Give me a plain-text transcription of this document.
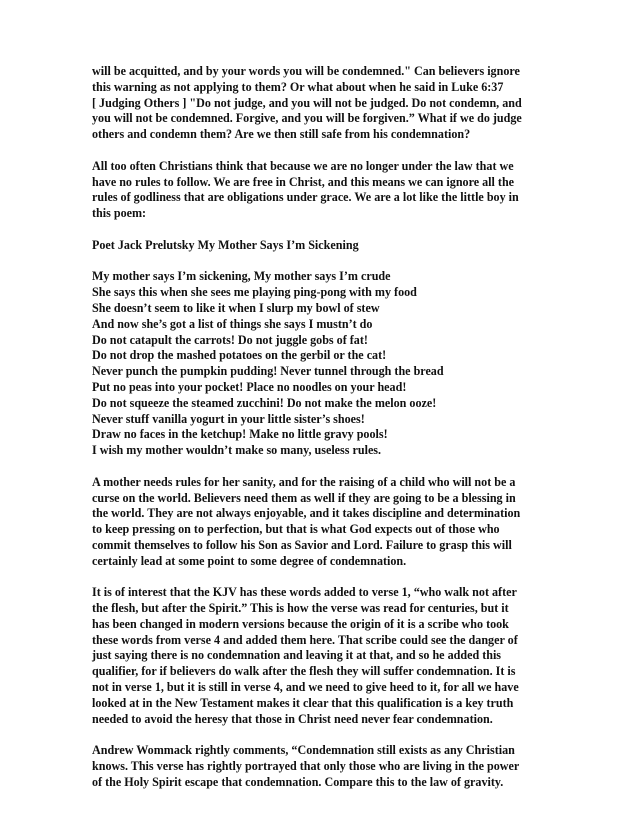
will be acquitted, and by your words you will be condemned." Can believers ignore
this warning as not applying to them? Or what about when he said in Luke 6:37
[ Judging Others ] "Do not judge, and you will not be judged. Do not condemn, and
you will not be condemned. Forgive, and you will be forgiven.” What if we do judge
others and condemn them? Are we then still safe from his condemnation?
All too often Christians think that because we are no longer under the law that we
have no rules to follow. We are free in Christ, and this means we can ignore all the
rules of godliness that are obligations under grace. We are a lot like the little boy in
this poem:
Poet Jack Prelutsky My Mother Says I’m Sickening
My mother says I’m sickening, My mother says I’m crude
She says this when she sees me playing ping-pong with my food
She doesn’t seem to like it when I slurp my bowl of stew
And now she’s got a list of things she says I mustn’t do
Do not catapult the carrots! Do not juggle gobs of fat!
Do not drop the mashed potatoes on the gerbil or the cat!
Never punch the pumpkin pudding! Never tunnel through the bread
Put no peas into your pocket! Place no noodles on your head!
Do not squeeze the steamed zucchini! Do not make the melon ooze!
Never stuff vanilla yogurt in your little sister’s shoes!
Draw no faces in the ketchup! Make no little gravy pools!
I wish my mother wouldn’t make so many, useless rules.
A mother needs rules for her sanity, and for the raising of a child who will not be a
curse on the world. Believers need them as well if they are going to be a blessing in
the world. They are not always enjoyable, and it takes discipline and determination
to keep pressing on to perfection, but that is what God expects out of those who
commit themselves to follow his Son as Savior and Lord. Failure to grasp this will
certainly lead at some point to some degree of condemnation.
It is of interest that the KJV has these words added to verse 1, “who walk not after
the flesh, but after the Spirit.” This is how the verse was read for centuries, but it
has been changed in modern versions because the origin of it is a scribe who took
these words from verse 4 and added them here. That scribe could see the danger of
just saying there is no condemnation and leaving it at that, and so he added this
qualifier, for if believers do walk after the flesh they will suffer condemnation. It is
not in verse 1, but it is still in verse 4, and we need to give heed to it, for all we have
looked at in the New Testament makes it clear that this qualification is a key truth
needed to avoid the heresy that those in Christ need never fear condemnation.
Andrew Wommack rightly comments, “Condemnation still exists as any Christian
knows. This verse has rightly portrayed that only those who are living in the power
of the Holy Spirit escape that condemnation. Compare this to the law of gravity.
